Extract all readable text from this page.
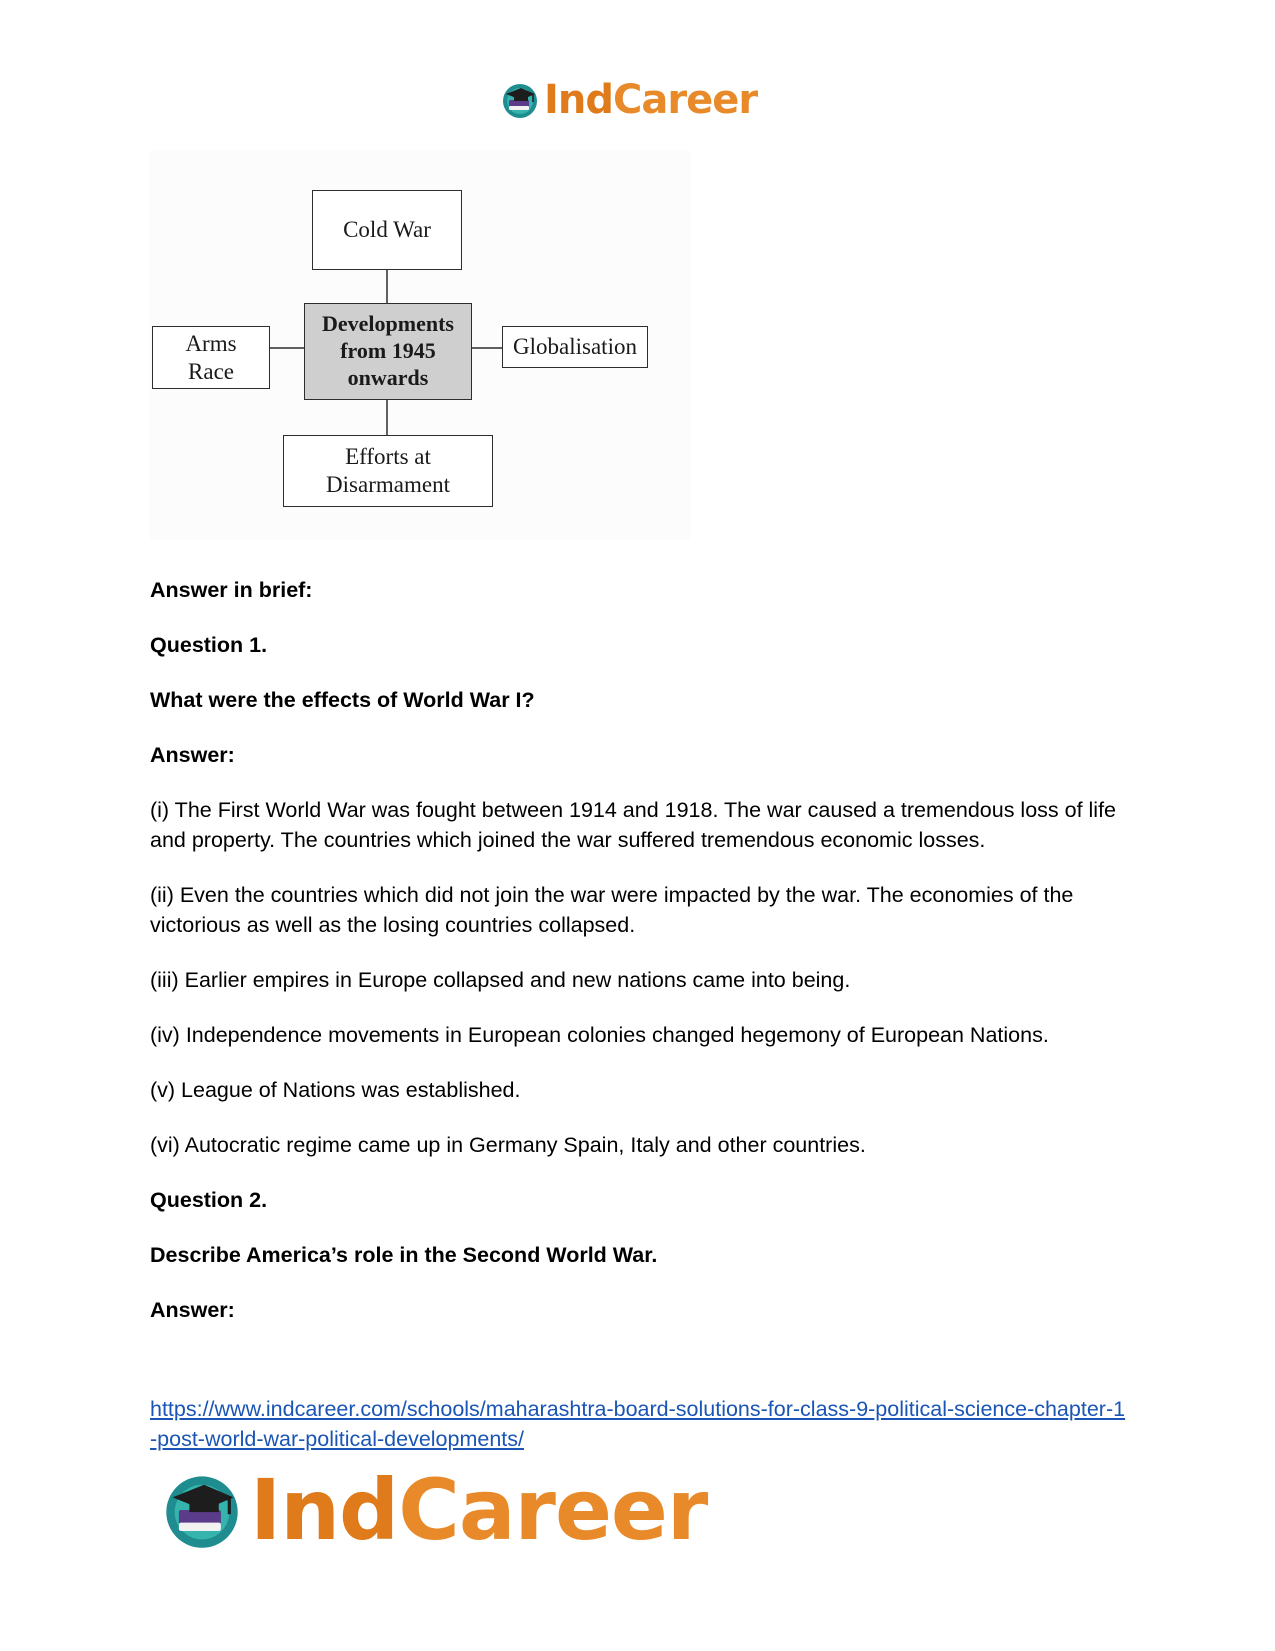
IndCareer
Cold War
Developments
from 1945
onwards
Arms
Race
Globalisation
Efforts at
Disarmament

Answer in brief:

Question 1.

What were the effects of World War I?

Answer:

(i) The First World War was fought between 1914 and 1918. The war caused a tremendous loss of life and property. The countries which joined the war suffered tremendous economic losses.

(ii) Even the countries which did not join the war were impacted by the war. The economies of the victorious as well as the losing countries collapsed.

(iii) Earlier empires in Europe collapsed and new nations came into being.

(iv) Independence movements in European colonies changed hegemony of European Nations.

(v) League of Nations was established.

(vi) Autocratic regime came up in Germany Spain, Italy and other countries.

Question 2.

Describe America’s role in the Second World War.

Answer:

https://www.indcareer.com/schools/maharashtra-board-solutions-for-class-9-political-science-chapter-1-post-world-war-political-developments/
IndCareer
